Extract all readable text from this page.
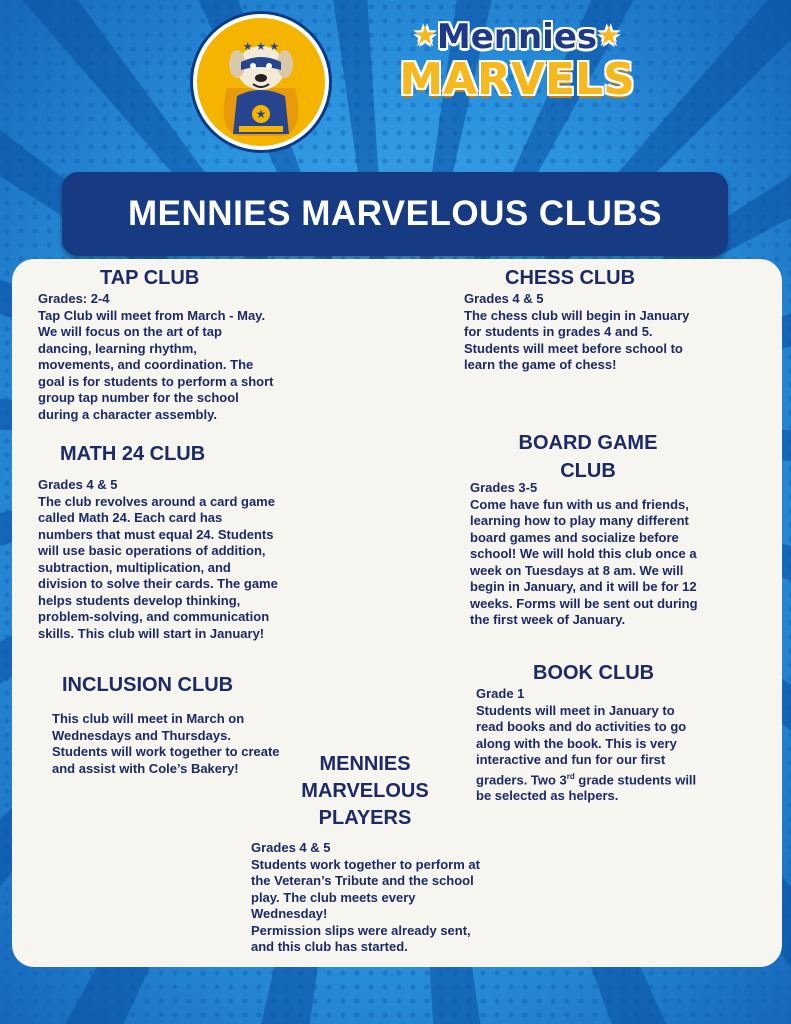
★
★ ★ ★	★Mennies★
MARVELS
MENNIES MARVELOUS CLUBS
TAP CLUB
Grades: 2-4
Tap Club will meet from March - May.
We will focus on the art of tap
dancing, learning rhythm,
movements, and coordination. The
goal is for students to perform a short
group tap number for the school
during a character assembly.
CHESS CLUB
Grades 4 & 5
The chess club will begin in January
for students in grades 4 and 5.
Students will meet before school to
learn the game of chess!
MATH 24 CLUB
Grades 4 & 5
The club revolves around a card game
called Math 24. Each card has
numbers that must equal 24. Students
will use basic operations of addition,
subtraction, multiplication, and
division to solve their cards. The game
helps students develop thinking,
problem-solving, and communication
skills. This club will start in January!
BOARD GAME
CLUB
Grades 3-5
Come have fun with us and friends,
learning how to play many different
board games and socialize before
school! We will hold this club once a
week on Tuesdays at 8 am. We will
begin in January, and it will be for 12
weeks. Forms will be sent out during
the first week of January.
INCLUSION CLUB
This club will meet in March on
Wednesdays and Thursdays.
Students will work together to create
and assist with Cole’s Bakery!
BOOK CLUB
Grade 1
Students will meet in January to
read books and do activities to go
along with the book. This is very
interactive and fun for our first
graders. Two 3rd grade students will
be selected as helpers.
MENNIES
MARVELOUS
PLAYERS
Grades 4 & 5
Students work together to perform at
the Veteran’s Tribute and the school
play. The club meets every
Wednesday!
Permission slips were already sent,
and this club has started.
